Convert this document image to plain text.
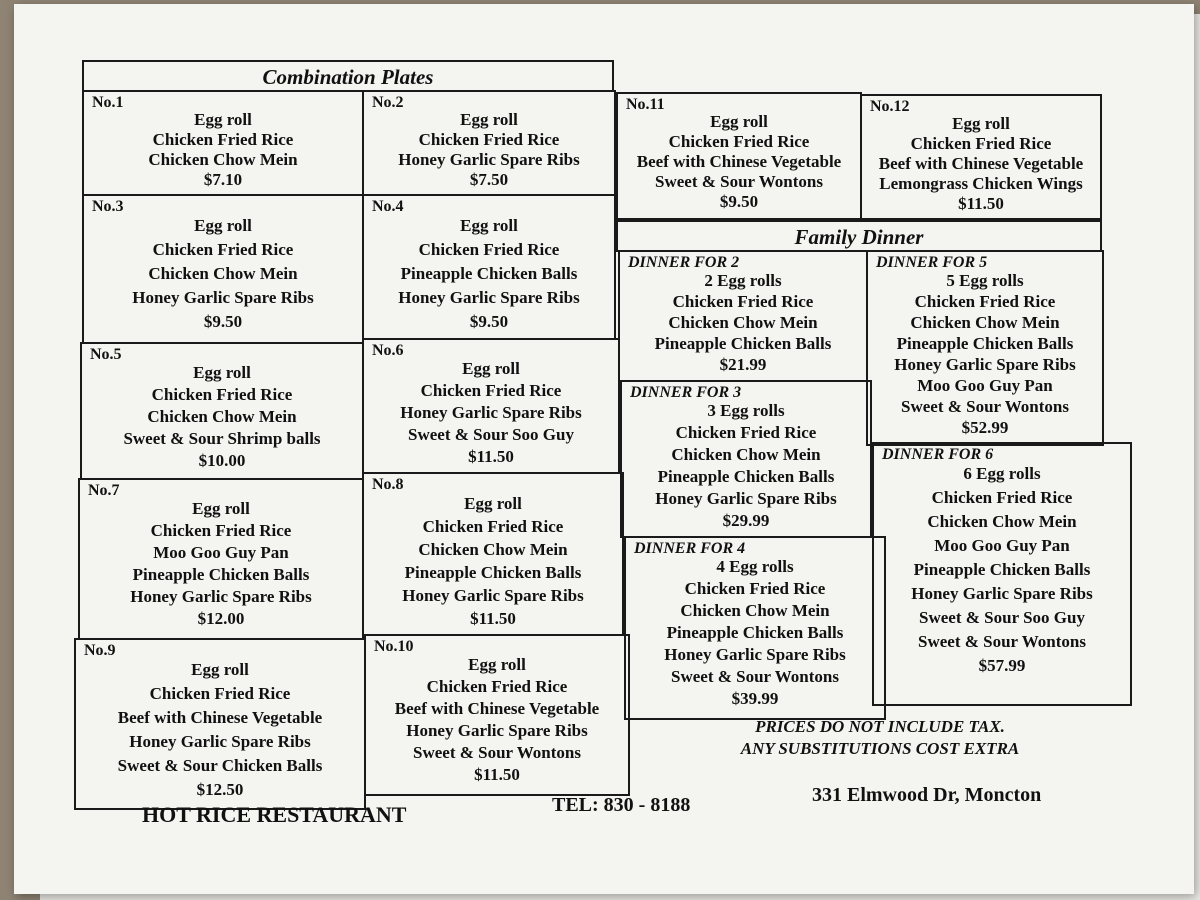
Combination Plates
No.1
Egg roll
Chicken Fried Rice
Chicken Chow Mein
$7.10
No.2
Egg roll
Chicken Fried Rice
Honey Garlic Spare Ribs
$7.50
No.3
Egg roll
Chicken Fried Rice
Chicken Chow Mein
Honey Garlic Spare Ribs
$9.50
No.4
Egg roll
Chicken Fried Rice
Pineapple Chicken Balls
Honey Garlic Spare Ribs
$9.50
No.5
Egg roll
Chicken Fried Rice
Chicken Chow Mein
Sweet & Sour Shrimp balls
$10.00
No.6
Egg roll
Chicken Fried Rice
Honey Garlic Spare Ribs
Sweet & Sour Soo Guy
$11.50
No.7
Egg roll
Chicken Fried Rice
Moo Goo Guy Pan
Pineapple Chicken Balls
Honey Garlic Spare Ribs
$12.00
No.8
Egg roll
Chicken Fried Rice
Chicken Chow Mein
Pineapple Chicken Balls
Honey Garlic Spare Ribs
$11.50
No.9
Egg roll
Chicken Fried Rice
Beef with Chinese Vegetable
Honey Garlic Spare Ribs
Sweet & Sour Chicken Balls
$12.50
No.10
Egg roll
Chicken Fried Rice
Beef with Chinese Vegetable
Honey Garlic Spare Ribs
Sweet & Sour Wontons
$11.50
No.11
Egg roll
Chicken Fried Rice
Beef with Chinese Vegetable
Sweet & Sour Wontons
$9.50
No.12
Egg roll
Chicken Fried Rice
Beef with Chinese Vegetable
Lemongrass Chicken Wings
$11.50
Family Dinner
DINNER FOR 2
2 Egg rolls
Chicken Fried Rice
Chicken Chow Mein
Pineapple Chicken Balls
$21.99
DINNER FOR 3
3 Egg rolls
Chicken Fried Rice
Chicken Chow Mein
Pineapple Chicken Balls
Honey Garlic Spare Ribs
$29.99
DINNER FOR 4
4 Egg rolls
Chicken Fried Rice
Chicken Chow Mein
Pineapple Chicken Balls
Honey Garlic Spare Ribs
Sweet & Sour Wontons
$39.99
DINNER FOR 5
5 Egg rolls
Chicken Fried Rice
Chicken Chow Mein
Pineapple Chicken Balls
Honey Garlic Spare Ribs
Moo Goo Guy Pan
Sweet & Sour Wontons
$52.99
DINNER FOR 6
6 Egg rolls
Chicken Fried Rice
Chicken Chow Mein
Moo Goo Guy Pan
Pineapple Chicken Balls
Honey Garlic Spare Ribs
Sweet & Sour Soo Guy
Sweet & Sour Wontons
$57.99
PRICES DO NOT INCLUDE TAX.
ANY SUBSTITUTIONS COST EXTRA
HOT RICE RESTAURANT	TEL: 830 - 8188	331 Elmwood Dr, Moncton
